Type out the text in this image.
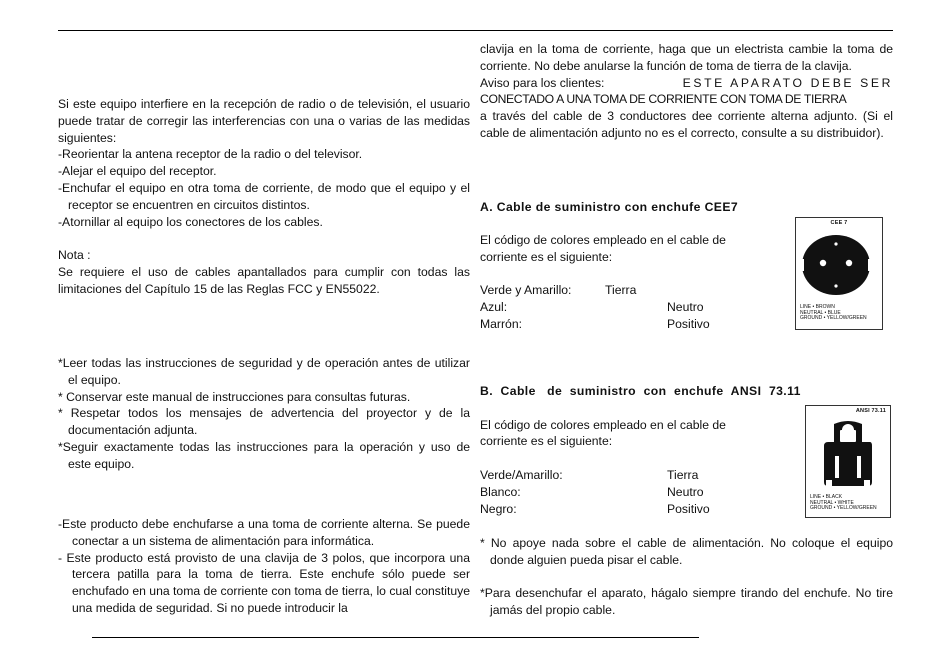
Si este equipo interfiere en la recepción de radio o de televisión, el usuario puede tratar de corregir las interferencias con una o varias de las medidas siguientes:

-Reorientar la antena receptor de la radio o del televisor.

-Alejar el equipo del receptor.

-Enchufar el equipo en otra toma de corriente, de modo que el equipo y el receptor se encuentren en circuitos distintos.

-Atornillar al equipo los conectores de los cables.

Nota :

Se requiere el uso de cables apantallados para cumplir con todas las limitaciones del Capítulo 15 de las Reglas FCC y EN55022.

*Leer todas las instrucciones de seguridad y de operación antes de utilizar el equipo.

* Conservar este manual de instrucciones para consultas futuras.

* Respetar todos los mensajes de advertencia del proyector y de la documentación adjunta.

*Seguir exactamente todas las instrucciones para la operación y uso de este equipo.

-Este producto debe enchufarse a una toma de corriente alterna. Se puede conectar a un sistema de alimentación para informática.

- Este producto está provisto de una clavija de 3 polos, que incorpora una tercera patilla para la toma de tierra. Este enchufe sólo puede ser enchufado en una toma de corriente con toma de tierra, lo cual constituye una medida de seguridad. Si no puede introducir la

clavija en la toma de corriente, haga que un electrista cambie la toma de corriente. No debe anularse la función de toma de tierra de la clavija.

Aviso para los clientes:	ESTE APARATO DEBE SER

CONECTADO A UNA TOMA DE CORRIENTE CON TOMA DE TIERRA

a través del cable de 3 conductores dee corriente alterna adjunto. (Si el cable de alimentación adjunto no es el correcto, consulte a su distribuidor).

A. Cable de suministro con enchufe CEE7

El código de colores empleado en el cable de corriente es el siguiente:

Verde y Amarillo:	Tierra
Azul:	Neutro
Marrón:	Positivo
CEE 7
LINE • BROWN
NEUTRAL • BLUE
GROUND • YELLOW/GREEN

B.  Cable   de  suministro  con  enchufe  ANSI  73.11

El código de colores empleado en el cable de corriente es el siguiente:

Verde/Amarillo:	Tierra
Blanco:	Neutro
Negro:	Positivo
ANSI 73.11
LINE • BLACK
NEUTRAL • WHITE
GROUND • YELLOW/GREEN

* No apoye nada sobre el cable de alimentación. No coloque el equipo donde alguien pueda pisar el cable.

*Para desenchufar el aparato, hágalo siempre tirando del enchufe. No tire jamás del propio cable.
